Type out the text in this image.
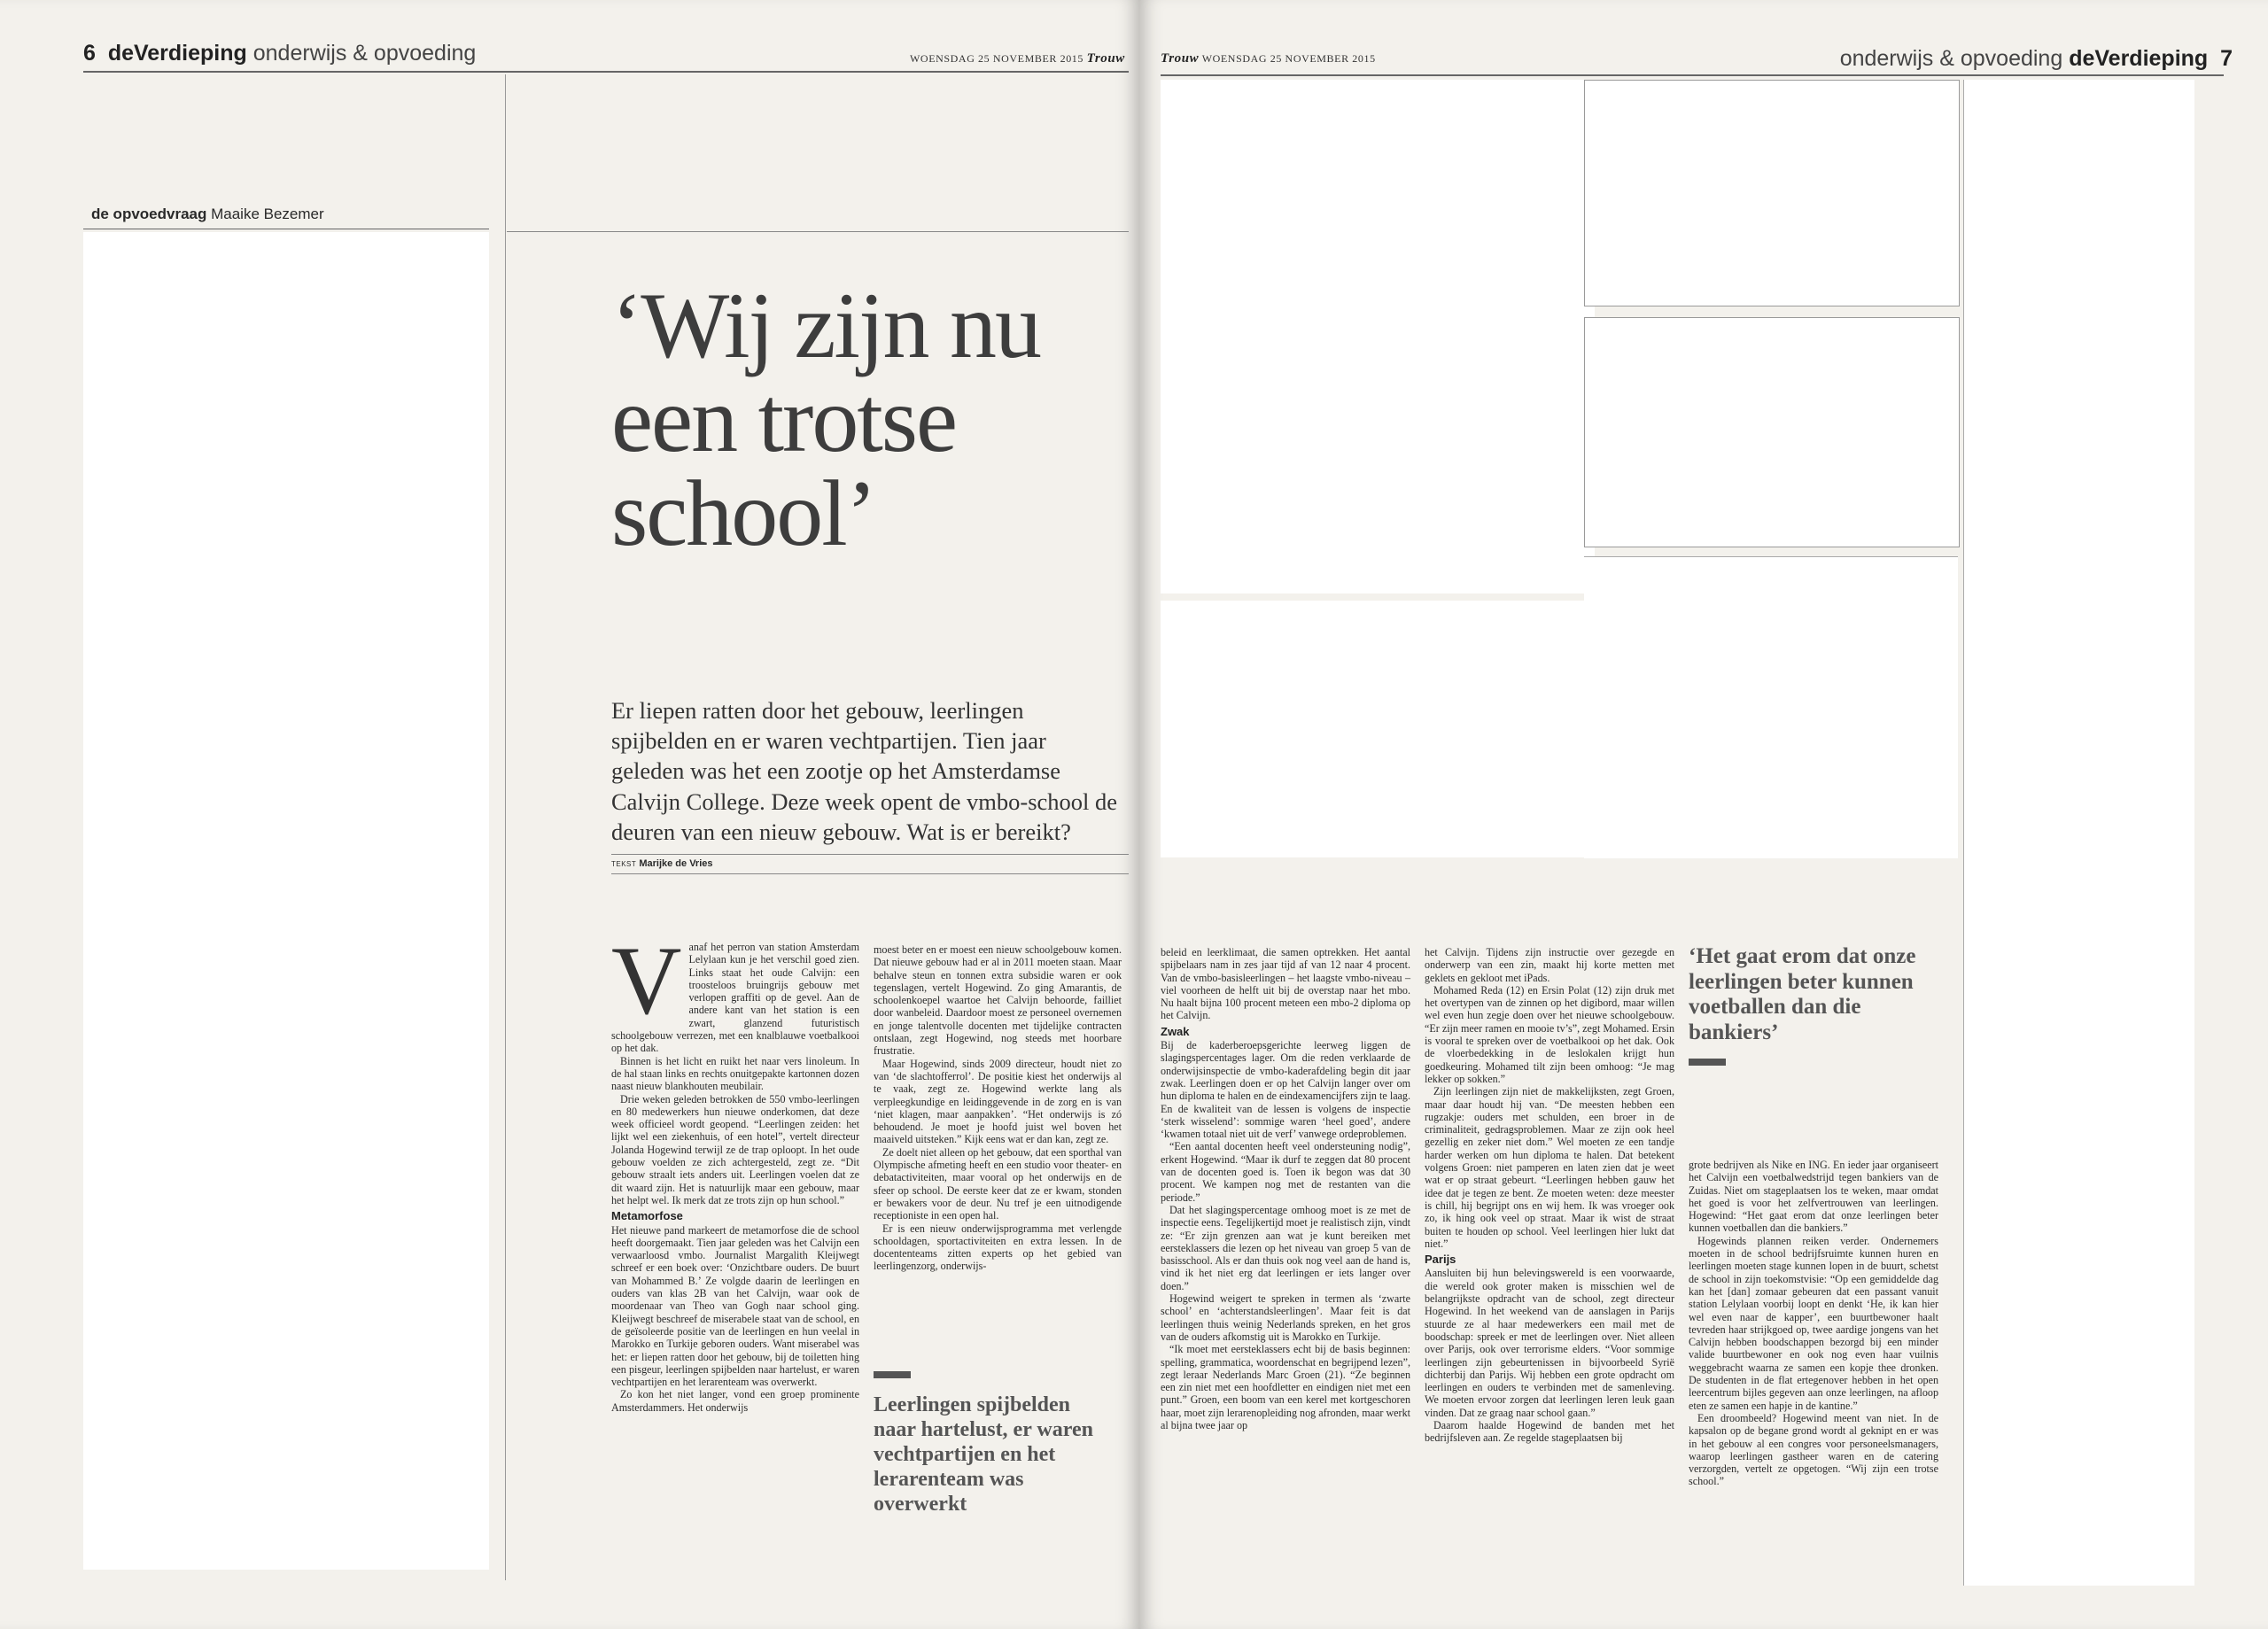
6 deVerdieping onderwijs & opvoeding	WOENSDAG 25 NOVEMBER 2015 Trouw
de opvoedvraag Maaike Bezemer
‘Wij zijn nu
een trotse
school’
Er liepen ratten door het gebouw, leerlingen spijbelden en er waren vechtpartijen. Tien jaar geleden was het een zootje op het Amsterdamse Calvijn College. Deze week opent de vmbo-school de deuren van een nieuw gebouw. Wat is er bereikt?
TEKST Marijke de Vries
V anaf het perron van station Amsterdam Lelylaan kun je het verschil goed zien. Links staat het oude Calvijn: een troosteloos bruingrijs gebouw met verlopen graffiti op de gevel. Aan de andere kant van het station is een zwart, glanzend futuristisch schoolgebouw verrezen, met een knalblauwe voetbalkooi op het dak.

Binnen is het licht en ruikt het naar vers linoleum. In de hal staan links en rechts onuitgepakte kartonnen dozen naast nieuw blankhouten meubilair.

Drie weken geleden betrokken de 550 vmbo-leerlingen en 80 medewerkers hun nieuwe onderkomen, dat deze week officieel wordt geopend. “Leerlingen zeiden: het lijkt wel een ziekenhuis, of een hotel”, vertelt directeur Jolanda Hogewind terwijl ze de trap oploopt. In het oude gebouw voelden ze zich achtergesteld, zegt ze. “Dit gebouw straalt iets anders uit. Leerlingen voelen dat ze dit waard zijn. Het is natuurlijk maar een gebouw, maar het helpt wel. Ik merk dat ze trots zijn op hun school.”

Metamorfose

Het nieuwe pand markeert de metamorfose die de school heeft doorgemaakt. Tien jaar geleden was het Calvijn een verwaarloosd vmbo. Journalist Margalith Kleijwegt schreef er een boek over: ‘Onzichtbare ouders. De buurt van Mohammed B.’ Ze volgde daarin de leerlingen en ouders van klas 2B van het Calvijn, waar ook de moordenaar van Theo van Gogh naar school ging. Kleijwegt beschreef de miserabele staat van de school, en de geïsoleerde positie van de leerlingen en hun veelal in Marokko en Turkije geboren ouders. Want miserabel was het: er liepen ratten door het gebouw, bij de toiletten hing een pisgeur, leerlingen spijbelden naar hartelust, er waren vechtpartijen en het lerarenteam was overwerkt.

Zo kon het niet langer, vond een groep prominente Amsterdammers. Het onderwijs

moest beter en er moest een nieuw schoolgebouw komen. Dat nieuwe gebouw had er al in 2011 moeten staan. Maar behalve steun en tonnen extra subsidie waren er ook tegenslagen, vertelt Hogewind. Zo ging Amarantis, de schoolenkoepel waartoe het Calvijn behoorde, failliet door wanbeleid. Daardoor moest ze personeel overnemen en jonge talentvolle docenten met tijdelijke contracten ontslaan, zegt Hogewind, nog steeds met hoorbare frustratie.

Maar Hogewind, sinds 2009 directeur, houdt niet zo van ‘de slachtofferrol’. De positie kiest het onderwijs al te vaak, zegt ze. Hogewind werkte lang als verpleegkundige en leidinggevende in de zorg en is van ‘niet klagen, maar aanpakken’. “Het onderwijs is zó behoudend. Je moet je hoofd juist wel boven het maaiveld uitsteken.” Kijk eens wat er dan kan, zegt ze.

Ze doelt niet alleen op het gebouw, dat een sporthal van Olympische afmeting heeft en een studio voor theater- en debatactiviteiten, maar vooral op het onderwijs en de sfeer op school. De eerste keer dat ze er kwam, stonden er bewakers voor de deur. Nu tref je een uitnodigende receptioniste in een open hal.

Er is een nieuw onderwijsprogramma met verlengde schooldagen, sportactiviteiten en extra lessen. In de docententeams zitten experts op het gebied van leerlingenzorg, onderwijs-

Leerlingen spijbelden naar hartelust, er waren vechtpartijen en het lerarenteam was overwerkt
Trouw WOENSDAG 25 NOVEMBER 2015	onderwijs & opvoeding deVerdieping 7

beleid en leerklimaat, die samen optrekken. Het aantal spijbelaars nam in zes jaar tijd af van 12 naar 4 procent. Van de vmbo-basisleerlingen – het laagste vmbo-niveau – viel voorheen de helft uit bij de overstap naar het mbo. Nu haalt bijna 100 procent meteen een mbo-2 diploma op het Calvijn.

Zwak

Bij de kaderberoepsgerichte leerweg liggen de slagingspercentages lager. Om die reden verklaarde de onderwijsinspectie de vmbo-kaderafdeling begin dit jaar zwak. Leerlingen doen er op het Calvijn langer over om hun diploma te halen en de eindexamencijfers zijn te laag. En de kwaliteit van de lessen is volgens de inspectie ‘sterk wisselend’: sommige waren ‘heel goed’, andere ‘kwamen totaal niet uit de verf’ vanwege ordeproblemen.

“Een aantal docenten heeft veel ondersteuning nodig”, erkent Hogewind. “Maar ik durf te zeggen dat 80 procent van de docenten goed is. Toen ik begon was dat 30 procent. We kampen nog met de restanten van die periode.”

Dat het slagingspercentage omhoog moet is ze met de inspectie eens. Tegelijkertijd moet je realistisch zijn, vindt ze: “Er zijn grenzen aan wat je kunt bereiken met eersteklassers die lezen op het niveau van groep 5 van de basisschool. Als er dan thuis ook nog veel aan de hand is, vind ik het niet erg dat leerlingen er iets langer over doen.”

Hogewind weigert te spreken in termen als ‘zwarte school’ en ‘achterstandsleerlingen’. Maar feit is dat leerlingen thuis weinig Nederlands spreken, en het gros van de ouders afkomstig uit is Marokko en Turkije.

“Ik moet met eersteklassers echt bij de basis beginnen: spelling, grammatica, woordenschat en begrijpend lezen”, zegt leraar Nederlands Marc Groen (21). “Ze beginnen een zin niet met een hoofdletter en eindigen niet met een punt.” Groen, een boom van een kerel met kortgeschoren haar, moet zijn lerarenopleiding nog afronden, maar werkt al bijna twee jaar op

het Calvijn. Tijdens zijn instructie over gezegde en onderwerp van een zin, maakt hij korte metten met geklets en gekloot met iPads.

Mohamed Reda (12) en Ersin Polat (12) zijn druk met het overtypen van de zinnen op het digibord, maar willen wel even hun zegje doen over het nieuwe schoolgebouw. “Er zijn meer ramen en mooie tv’s”, zegt Mohamed. Ersin is vooral te spreken over de voetbalkooi op het dak. Ook de vloerbedekking in de leslokalen krijgt hun goedkeuring. Mohamed tilt zijn been omhoog: “Je mag lekker op sokken.”

Zijn leerlingen zijn niet de makkelijksten, zegt Groen, maar daar houdt hij van. “De meesten hebben een rugzakje: ouders met schulden, een broer in de criminaliteit, gedragsproblemen. Maar ze zijn ook heel gezellig en zeker niet dom.” Wel moeten ze een tandje harder werken om hun diploma te halen. Dat betekent volgens Groen: niet pamperen en laten zien dat je weet wat er op straat gebeurt. “Leerlingen hebben gauw het idee dat je tegen ze bent. Ze moeten weten: deze meester is chill, hij begrijpt ons en wij hem. Ik was vroeger ook zo, ik hing ook veel op straat. Maar ik wist de straat buiten te houden op school. Veel leerlingen hier lukt dat niet.”

Parijs

Aansluiten bij hun belevingswereld is een voorwaarde, die wereld ook groter maken is misschien wel de belangrijkste opdracht van de school, zegt directeur Hogewind. In het weekend van de aanslagen in Parijs stuurde ze al haar medewerkers een mail met de boodschap: spreek er met de leerlingen over. Niet alleen over Parijs, ook over terrorisme elders. “Voor sommige leerlingen zijn gebeurtenissen in bijvoorbeeld Syrië dichterbij dan Parijs. Wij hebben een grote opdracht om leerlingen en ouders te verbinden met de samenleving. We moeten ervoor zorgen dat leerlingen leren leuk gaan vinden. Dat ze graag naar school gaan.”

Daarom haalde Hogewind de banden met het bedrijfsleven aan. Ze regelde stageplaatsen bij

‘Het gaat erom dat onze leerlingen beter kunnen voetballen dan die bankiers’

grote bedrijven als Nike en ING. En ieder jaar organiseert het Calvijn een voetbalwedstrijd tegen bankiers van de Zuidas. Niet om stageplaatsen los te weken, maar omdat het goed is voor het zelfvertrouwen van leerlingen. Hogewind: “Het gaat erom dat onze leerlingen beter kunnen voetballen dan die bankiers.”

Hogewinds plannen reiken verder. Ondernemers moeten in de school bedrijfsruimte kunnen huren en leerlingen moeten stage kunnen lopen in de buurt, schetst de school in zijn toekomstvisie: “Op een gemiddelde dag kan het [dan] zomaar gebeuren dat een passant vanuit station Lelylaan voorbij loopt en denkt ‘He, ik kan hier wel even naar de kapper’, een buurtbewoner haalt tevreden haar strijkgoed op, twee aardige jongens van het Calvijn hebben boodschappen bezorgd bij een minder valide buurtbewoner en ook nog even haar vuilnis weggebracht waarna ze samen een kopje thee dronken. De studenten in de flat ertegenover hebben in het open leercentrum bijles gegeven aan onze leerlingen, na afloop eten ze samen een hapje in de kantine.”

Een droombeeld? Hogewind meent van niet. In de kapsalon op de begane grond wordt al geknipt en er was in het gebouw al een congres voor personeelsmanagers, waarop leerlingen gastheer waren en de catering verzorgden, vertelt ze opgetogen. “Wij zijn een trotse school.”
